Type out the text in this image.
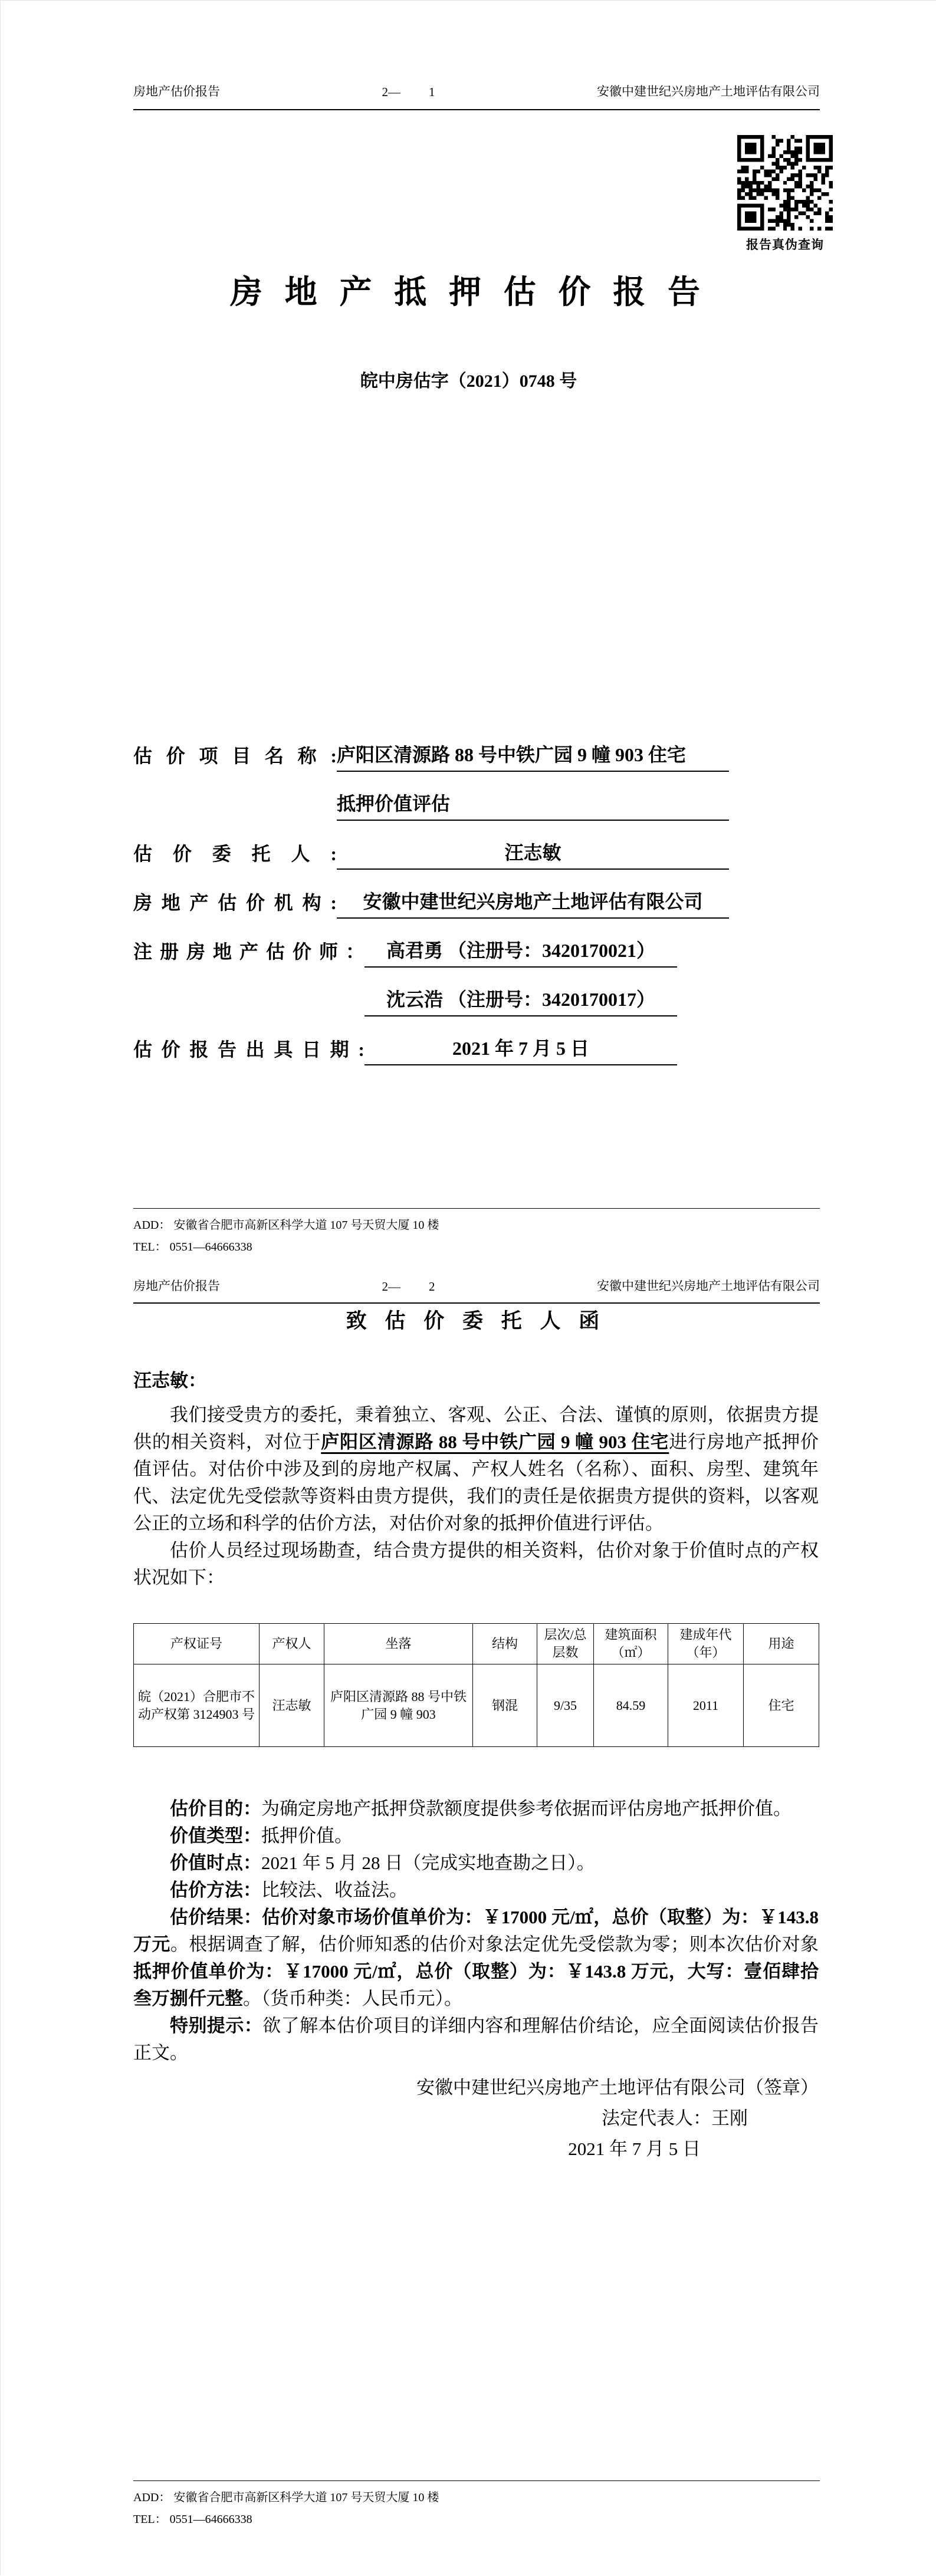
房地产估价报告	2— 1	安徽中建世纪兴房地产土地评估有限公司
报告真伪查询
房 地 产 抵 押 估 价 报 告
皖中房估字（2021）0748 号
估 价 项 目 名 称 : 庐阳区清源路 88 号中铁广园 9 幢 903 住宅
抵押价值评估
估 价 委 托 人 :	汪志敏
房地产估价机构:	安徽中建世纪兴房地产土地评估有限公司
注册房地产估价师：	高君勇 （注册号：3420170021）
沈云浩 （注册号：3420170017）
估价报告出具日期:	2021 年 7 月 5 日
ADD： 安徽省合肥市高新区科学大道 107 号天贸大厦 10 楼
TEL： 0551—64666338
房地产估价报告	2— 2	安徽中建世纪兴房地产土地评估有限公司
致 估 价 委 托 人 函
汪志敏：

我们接受贵方的委托，秉着独立、客观、公正、合法、谨慎的原则，依据贵方提供的相关资料，对位于庐阳区清源路 88 号中铁广园 9 幢 903 住宅进行房地产抵押价值评估。对估价中涉及到的房地产权属、产权人姓名（名称）、面积、房型、建筑年代、法定优先受偿款等资料由贵方提供，我们的责任是依据贵方提供的资料，以客观公正的立场和科学的估价方法，对估价对象的抵押价值进行评估。

估价人员经过现场勘查，结合贵方提供的相关资料，估价对象于价值时点的产权状况如下：

产权证号	产权人	坐落	结构	层次/总层数	建筑面积（㎡）	建成年代（年）	用途
皖（2021）合肥市不动产权第 3124903 号	汪志敏	庐阳区清源路 88 号中铁广园 9 幢 903	钢混	9/35	84.59	2011	住宅

估价目的：为确定房地产抵押贷款额度提供参考依据而评估房地产抵押价值。

价值类型：抵押价值。

价值时点：2021 年 5 月 28 日（完成实地查勘之日）。

估价方法：比较法、收益法。

估价结果：估价对象市场价值单价为：￥17000 元/㎡，总价（取整）为：￥143.8 万元。根据调查了解，估价师知悉的估价对象法定优先受偿款为零；则本次估价对象抵押价值单价为：￥17000 元/㎡，总价（取整）为：￥143.8 万元，大写：壹佰肆拾叁万捌仟元整。（货币种类：人民币元）。

特别提示：欲了解本估价项目的详细内容和理解估价结论，应全面阅读估价报告正文。

安徽中建世纪兴房地产土地评估有限公司（签章）
法定代表人：王刚
2021 年 7 月 5 日
ADD： 安徽省合肥市高新区科学大道 107 号天贸大厦 10 楼
TEL： 0551—64666338
